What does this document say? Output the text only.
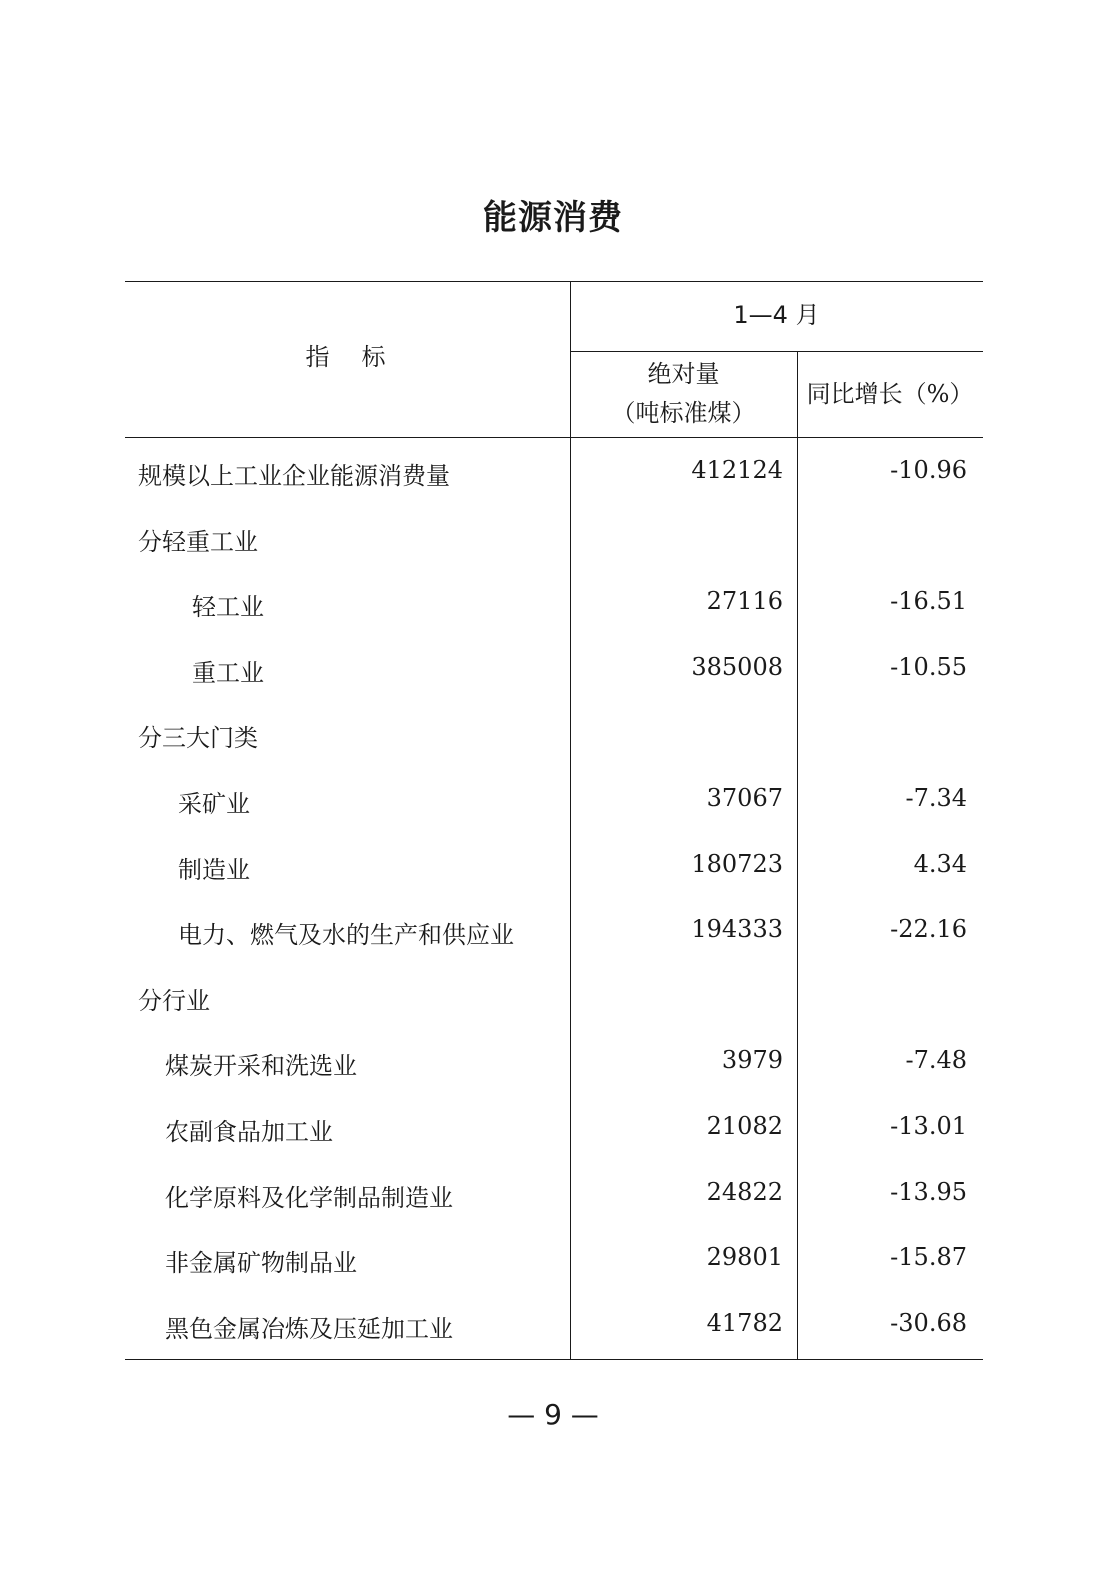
能源消费
指　标
1—4 月
绝对量
（吨标准煤）
同比增长（%）
规模以上工业企业能源消费量	412124	-10.96
分轻重工业
轻工业	27116	-16.51
重工业	385008	-10.55
分三大门类
采矿业	37067	-7.34
制造业	180723	4.34
电力、燃气及水的生产和供应业	194333	-22.16
分行业
煤炭开采和洗选业	3979	-7.48
农副食品加工业	21082	-13.01
化学原料及化学制品制造业	24822	-13.95
非金属矿物制品业	29801	-15.87
黑色金属冶炼及压延加工业	41782	-30.68
— 9 —
